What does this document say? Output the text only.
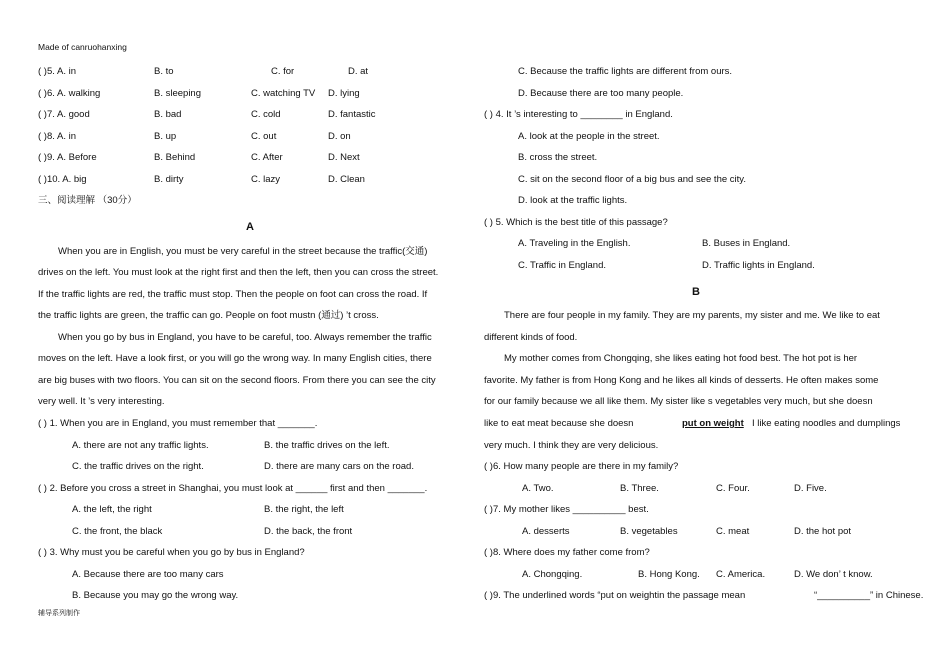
Made of canruohanxing
( )5. A. in	B. to	C. for	D. at
( )6. A. walking	B. sleeping	C. watching TV D. lying
( )7. A. good	B. bad	C. cold	D. fantastic
( )8. A. in	B. up	C. out	D. on
( )9. A. Before	B. Behind	C. After	D. Next
( )10. A. big	B. dirty	C. lazy	D. Clean
三、阅读理解 （30分）
A
When you are in English, you must be very careful in the street because the traffic(交通)
drives on the left. You must look at the right first and then the left, then you can cross the street.
If the traffic lights are red, the traffic must stop. Then the people on foot can cross the road. If
the traffic lights are green, the traffic can go. People on foot mustn (通过) ’t cross.
When you go by bus in England, you have to be careful, too. Always remember the traffic
moves on the left. Have a look first, or you will go the wrong way. In many English cities, there
are big buses with two floors. You can sit on the second floors. From there you can see the city
very well. It ’s very interesting.
( ) 1. When you are in England, you must remember that _______.
A. there are not any traffic lights.	B. the traffic drives on the left.
C. the traffic drives on the right.	D. there are many cars on the road.
( ) 2. Before you cross a street in Shanghai, you must look at ______ first and then _______.
A. the left, the right	B. the right, the left
C. the front, the black	D. the back, the front
( ) 3. Why must you be careful when you go by bus in England?
A. Because there are too many cars
B. Because you may go the wrong way.
辅导系列制作
C. Because the traffic lights are different from ours.
D. Because there are too many people.
( ) 4. It ’s interesting to ________ in England.
A. look at the people in the street.
B. cross the street.
C. sit on the second floor of a big bus and see the city.
D. look at the traffic lights.
( ) 5. Which is the best title of this passage?
A. Traveling in the English.	B. Buses in England.
C. Traffic in England.	D. Traffic lights in England.
B
There are four people in my family. They are my parents, my sister and me. We like to eat
different kinds of food.
My mother comes from Chongqing, she likes eating hot food best. The hot pot is her
favorite. My father is from Hong Kong and he likes all kinds of desserts. He often makes some
for our family because we all like them. My sister like s vegetables very much, but she doesn
like to eat meat because she doesn	put on weight I like eating noodles and dumplings
very much. I think they are very delicious.
( )6. How many people are there in my family?
A. Two.	B. Three.	C. Four.	D. Five.
( )7. My mother likes __________ best.
A. desserts	B. vegetables	C. meat	D. the hot pot
( )8. Where does my father come from?
A. Chongqing.	B. Hong Kong. C. America.	D. We don’ t know.
( )9. The underlined words “put on weightin the passage mean	“__________” in Chinese.
